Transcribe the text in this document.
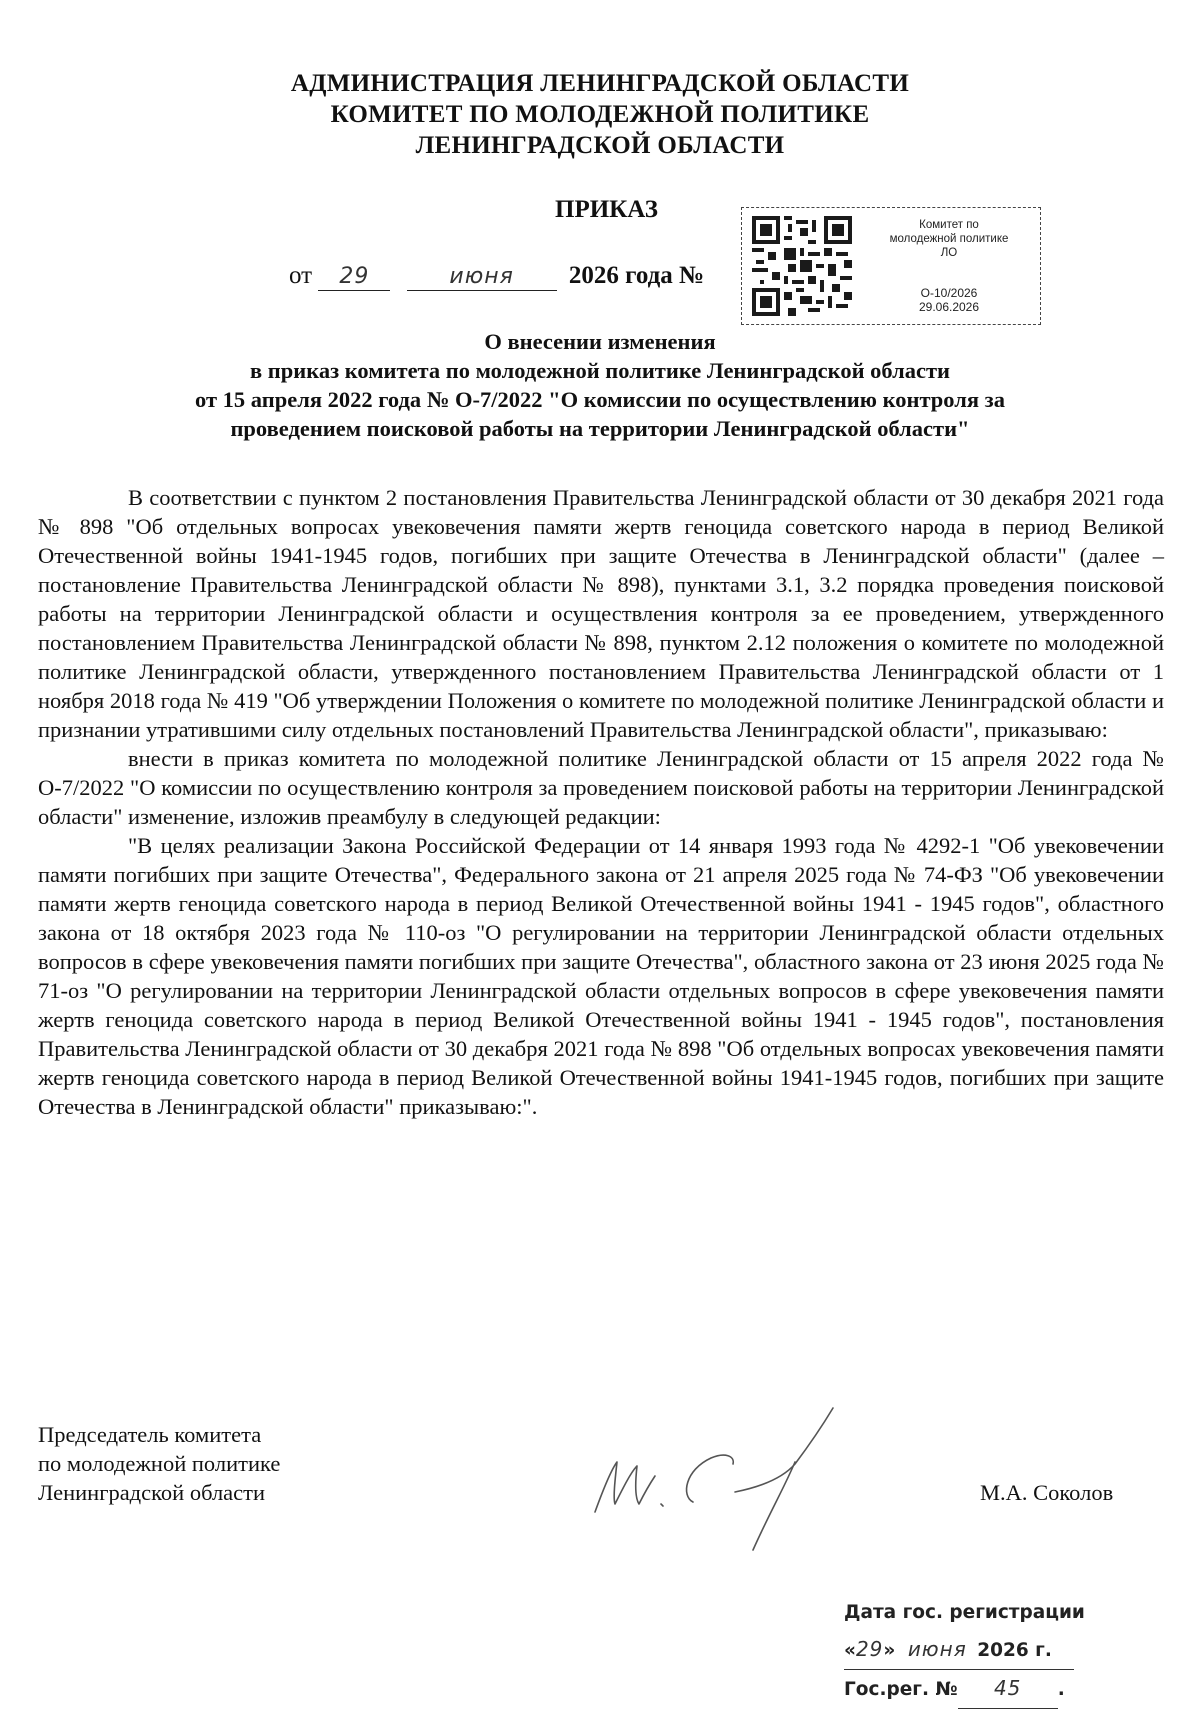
АДМИНИСТРАЦИЯ ЛЕНИНГРАДСКОЙ ОБЛАСТИ
КОМИТЕТ ПО МОЛОДЕЖНОЙ ПОЛИТИКЕ
ЛЕНИНГРАДСКОЙ ОБЛАСТИ
ПРИКАЗ
от 29	июня 2026 года №
Комитет по
молодежной политике
ЛО
О-10/2026
29.06.2026
О внесении изменения
в приказ комитета по молодежной политике Ленинградской области
от 15 апреля 2022 года № О-7/2022 "О комиссии по осуществлению контроля за
проведением поисковой работы на территории Ленинградской области"

В соответствии с пунктом 2 постановления Правительства Ленинградской области от 30 декабря 2021 года № 898 "Об отдельных вопросах увековечения памяти жертв геноцида советского народа в период Великой Отечественной войны 1941-1945 годов, погибших при защите Отечества в Ленинградской области" (далее – постановление Правительства Ленинградской области № 898), пунктами 3.1, 3.2 порядка проведения поисковой работы на территории Ленинградской области и осуществления контроля за ее проведением, утвержденного постановлением Правительства Ленинградской области № 898, пунктом 2.12 положения о комитете по молодежной политике Ленинградской области, утвержденного постановлением Правительства Ленинградской области от 1 ноября 2018 года № 419 "Об утверждении Положения о комитете по молодежной политике Ленинградской области и признании утратившими силу отдельных постановлений Правительства Ленинградской области", приказываю:

внести в приказ комитета по молодежной политике Ленинградской области от 15 апреля 2022 года № О-7/2022 "О комиссии по осуществлению контроля за проведением поисковой работы на территории Ленинградской области" изменение, изложив преамбулу в следующей редакции:

"В целях реализации Закона Российской Федерации от 14 января 1993 года № 4292-1 "Об увековечении памяти погибших при защите Отечества", Федерального закона от 21 апреля 2025 года № 74-ФЗ "Об увековечении памяти жертв геноцида советского народа в период Великой Отечественной войны 1941 - 1945 годов", областного закона от 18 октября 2023 года № 110-оз "О регулировании на территории Ленинградской области отдельных вопросов в сфере увековечения памяти погибших при защите Отечества", областного закона от 23 июня 2025 года № 71-оз "О регулировании на территории Ленинградской области отдельных вопросов в сфере увековечения памяти жертв геноцида советского народа в период Великой Отечественной войны 1941 - 1945 годов", постановления Правительства Ленинградской области от 30 декабря 2021 года № 898 "Об отдельных вопросах увековечения памяти жертв геноцида советского народа в период Великой Отечественной войны 1941-1945 годов, погибших при защите Отечества в Ленинградской области" приказываю:".

Председатель комитета
по молодежной политике
Ленинградской области	М.А. Соколов
Дата гос. регистрации
«29» июня 2026 г.
Гос.рег. № 45 .
